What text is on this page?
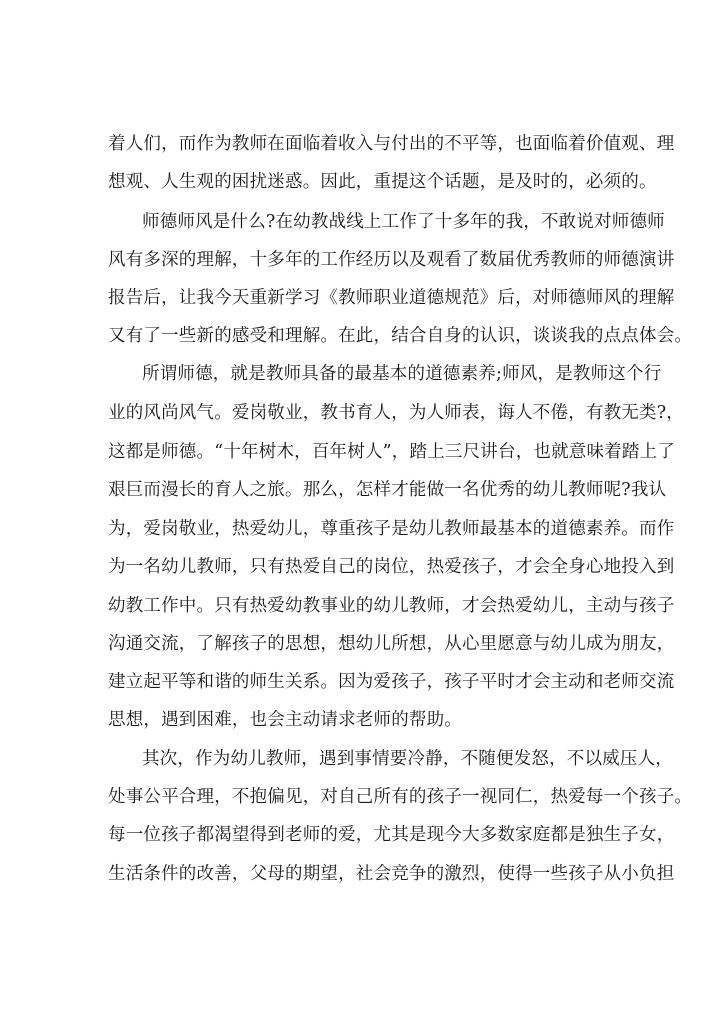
着人们，而作为教师在面临着收入与付出的不平等，也面临着价值观、理
想观、人生观的困扰迷惑。因此，重提这个话题，是及时的，必须的。
师德师风是什么?在幼教战线上工作了十多年的我，不敢说对师德师
风有多深的理解，十多年的工作经历以及观看了数届优秀教师的师德演讲
报告后，让我今天重新学习《教师职业道德规范》后，对师德师风的理解
又有了一些新的感受和理解。在此，结合自身的认识，谈谈我的点点体会。
所谓师德，就是教师具备的最基本的道德素养;师风，是教师这个行
业的风尚风气。爱岗敬业，教书育人，为人师表，诲人不倦，有教无类?，
这都是师德。“十年树木，百年树人”，踏上三尺讲台，也就意味着踏上了
艰巨而漫长的育人之旅。那么，怎样才能做一名优秀的幼儿教师呢?我认
为，爱岗敬业，热爱幼儿，尊重孩子是幼儿教师最基本的道德素养。而作
为一名幼儿教师，只有热爱自己的岗位，热爱孩子，才会全身心地投入到
幼教工作中。只有热爱幼教事业的幼儿教师，才会热爱幼儿，主动与孩子
沟通交流，了解孩子的思想，想幼儿所想，从心里愿意与幼儿成为朋友，
建立起平等和谐的师生关系。因为爱孩子，孩子平时才会主动和老师交流
思想，遇到困难，也会主动请求老师的帮助。
其次，作为幼儿教师，遇到事情要冷静，不随便发怒，不以威压人，
处事公平合理，不抱偏见，对自己所有的孩子一视同仁，热爱每一个孩子。
每一位孩子都渴望得到老师的爱，尤其是现今大多数家庭都是独生子女，
生活条件的改善，父母的期望，社会竞争的激烈，使得一些孩子从小负担
